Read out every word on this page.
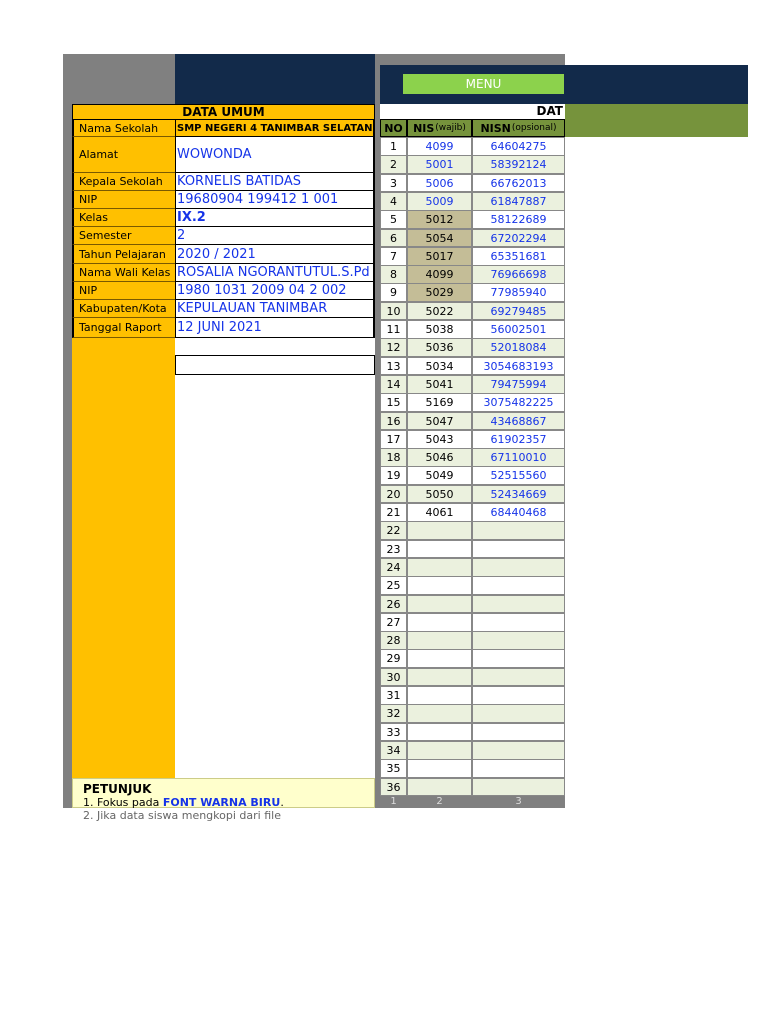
MENU
DATA UMUM
Nama Sekolah	SMP NEGERI 4 TANIMBAR SELATAN
Alamat	WOWONDA
Kepala Sekolah	KORNELIS BATIDAS
NIP	19680904 199412 1 001
Kelas	IX.2
Semester	2
Tahun Pelajaran 2020 / 2021
Nama Wali Kelas ROSALIA NGORANTUTUL.S.Pd
NIP	1980 1031 2009 04 2 002
Kabupaten/Kota KEPULAUAN TANIMBAR
Tanggal Raport	12 JUNI 2021
PETUNJUK
1. Fokus pada FONT WARNA BIRU.
2. Jika data siswa mengkopi dari file
DAT
NO NIS (wajib) NISN (opsional)
1	4099	64604275
2	5001	58392124
3	5006	66762013
4	5009	61847887
5	5012	58122689
6	5054	67202294
7	5017	65351681
8	4099	76966698
9	5029	77985940
10	5022	69279485
11	5038	56002501
12	5036	52018084
13	5034	3054683193
14	5041	79475994
15	5169	3075482225
16	5047	43468867
17	5043	61902357
18	5046	67110010
19	5049	52515560
20	5050	52434669
21	4061	68440468
22
23
24
25
26
27
28
29
30
31
32
33
34
35
36
1	2	3
